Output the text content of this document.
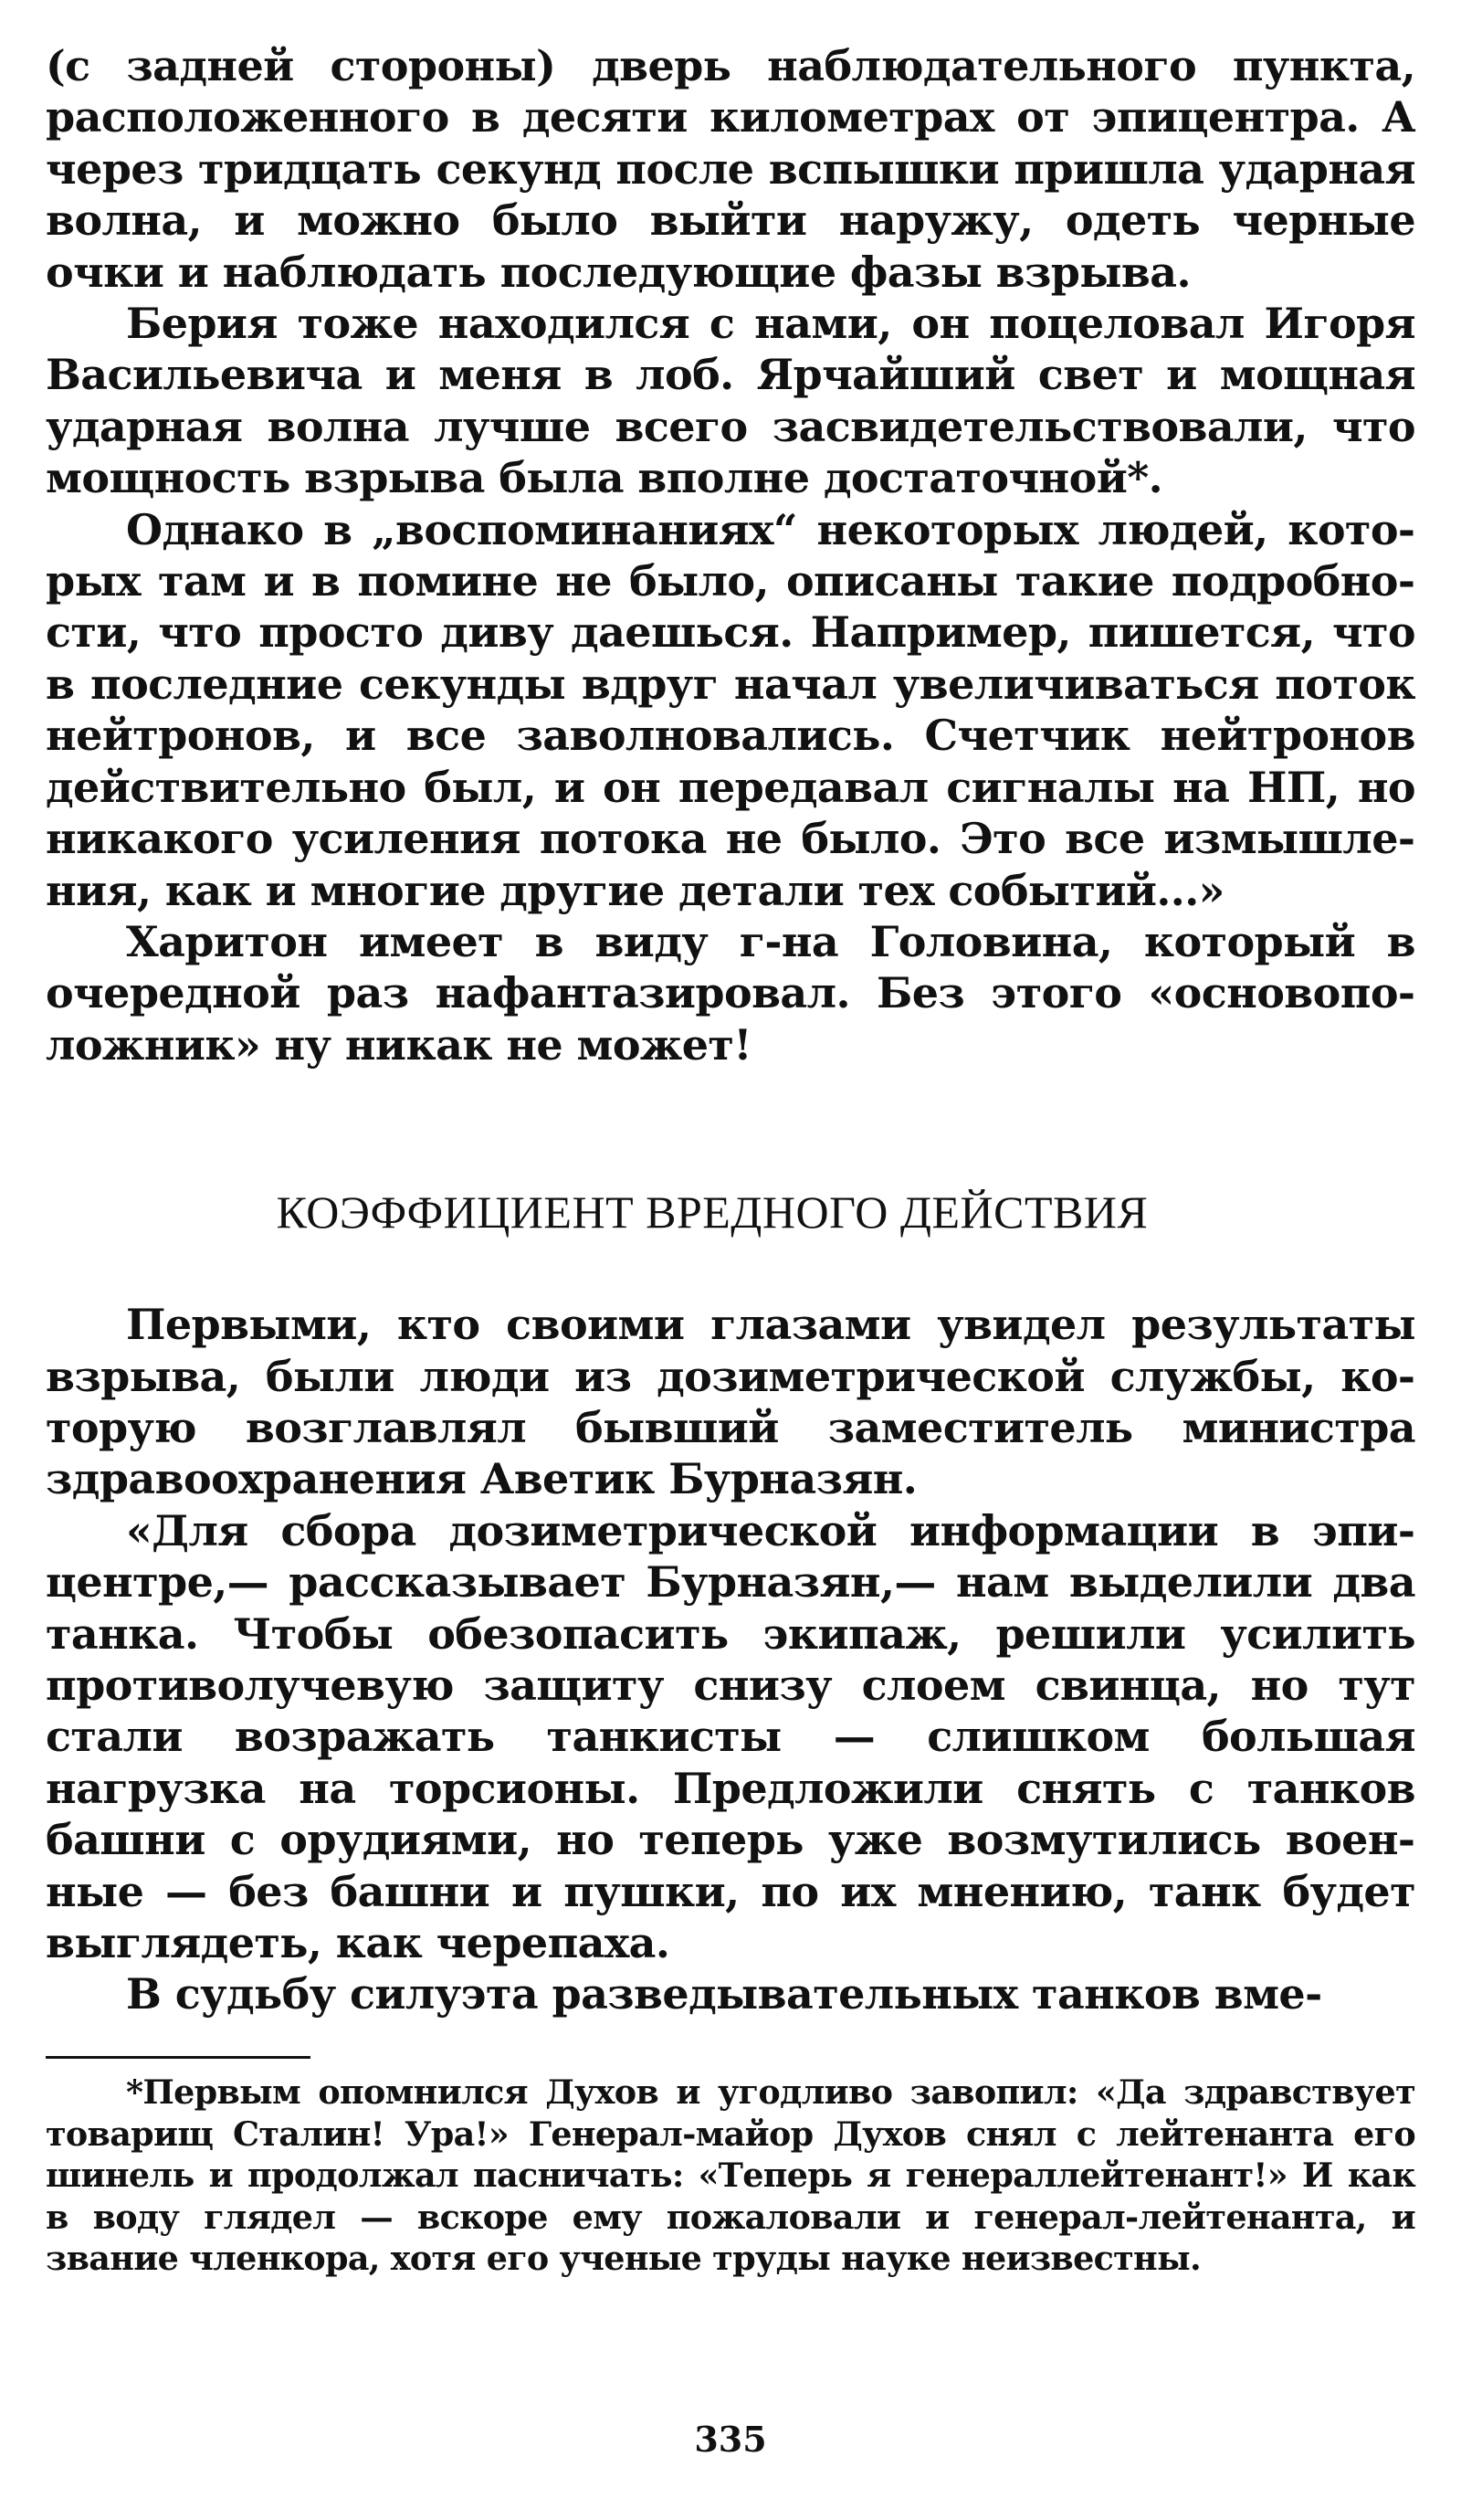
(с задней стороны) дверь наблюдательного пункта, расположенного в десяти километрах от эпицентра. А через тридцать секунд после вспышки пришла ударная волна, и можно было выйти наружу, одеть черные очки и наблюдать последующие фазы взрыва.

Берия тоже находился с нами, он поцеловал Игоря Васильевича и меня в лоб. Ярчайший свет и мощная ударная волна лучше всего засвидетельствовали, что мощность взрыва была вполне достаточной*.

Однако в „воспоминаниях“ некоторых людей, которых там и в помине не было, описаны такие подробности, что просто диву даешься. Например, пишется, что в последние секунды вдруг начал увеличиваться поток нейтронов, и все заволновались. Счетчик нейтронов действительно был, и он передавал сигналы на НП, но никакого усиления потока не было. Это все измышления, как и многие другие детали тех событий...»

Харитон имеет в виду г-на Головина, который в очередной раз нафантазировал. Без этого «основоположник» ну никак не может!

КОЭФФИЦИЕНТ ВРЕДНОГО ДЕЙСТВИЯ

Первыми, кто своими глазами увидел результаты взрыва, были люди из дозиметрической службы, которую возглавлял бывший заместитель министра здравоохранения Аветик Бурназян.

«Для сбора дозиметрической информации в эпицентре,— рассказывает Бурназян,— нам выделили два танка. Чтобы обезопасить экипаж, решили усилить противолучевую защиту снизу слоем свинца, но тут стали возражать танкисты — слишком большая нагрузка на торсионы. Предложили снять с танков башни с орудиями, но теперь уже возмутились военные — без башни и пушки, по их мнению, танк будет выглядеть, как черепаха.

В судьбу силуэта разведывательных танков вме-

*Первым опомнился Духов и угодливо завопил: «Да здравствует товарищ Сталин! Ура!» Генерал-майор Духов снял с лейтенанта его шинель и продолжал пасничать: «Теперь я генераллейтенант!» И как в воду глядел — вскоре ему пожаловали и генерал-лейтенанта, и звание членкора, хотя его ученые труды науке неизвестны.

335
